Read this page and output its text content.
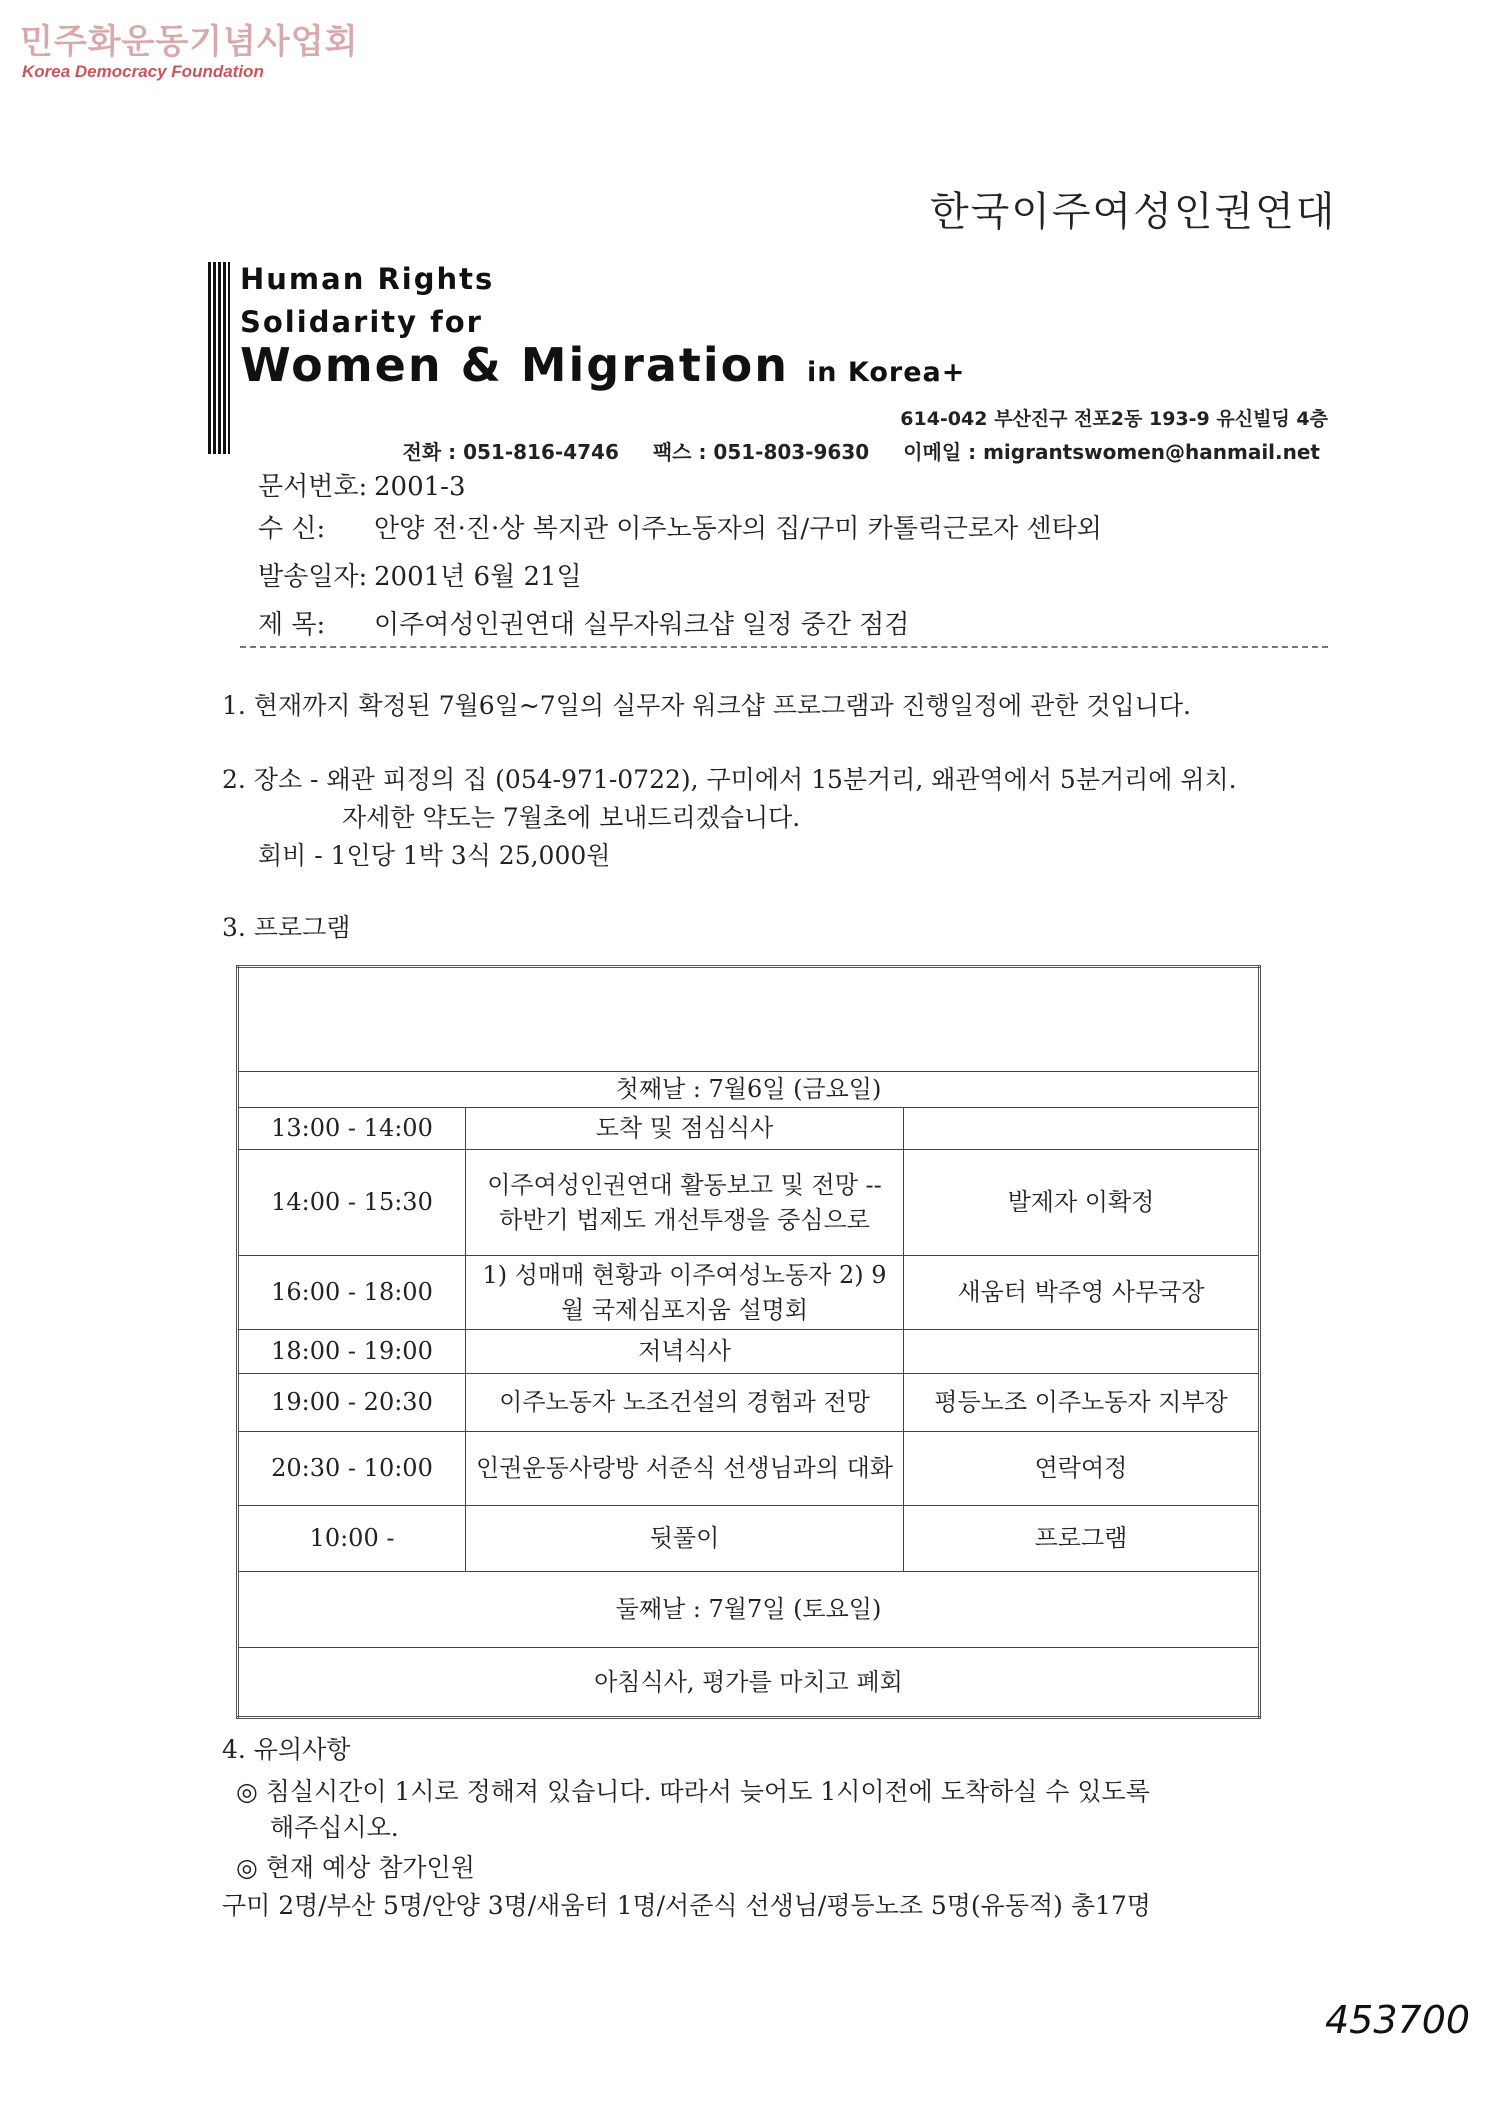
민주화운동기념사업회
Korea Democracy Foundation
한국이주여성인권연대
Human Rights
Solidarity for
Women & Migration in Korea+
614-042 부산진구 전포2동 193-9 유신빌딩 4층
전화 : 051-816-4746 팩스 : 051-803-9630 이메일 : migrantswomen@hanmail.net
문서번호: 2001-3
수 신: 안양 전·진·상 복지관 이주노동자의 집/구미 카톨릭근로자 센타외
발송일자: 2001년 6월 21일
제 목: 이주여성인권연대 실무자워크샵 일정 중간 점검
1. 현재까지 확정된 7월6일~7일의 실무자 워크샵 프로그램과 진행일정에 관한 것입니다.
2. 장소 - 왜관 피정의 집 (054-971-0722), 구미에서 15분거리, 왜관역에서 5분거리에 위치.
자세한 약도는 7월초에 보내드리겠습니다.
회비 - 1인당 1박 3식 25,000원
3. 프로그램

첫째날 : 7월6일 (금요일)		
13:00 - 14:00	도착 및 점심식사	
14:00 - 15:30	이주여성인권연대 활동보고 및 전망 -- 하반기 법제도 개선투쟁을 중심으로	발제자 이확정
16:00 - 18:00	1) 성매매 현황과 이주여성노동자 2) 9월 국제심포지움 설명회	새움터 박주영 사무국장
18:00 - 19:00	저녁식사	
19:00 - 20:30	이주노동자 노조건설의 경험과 전망	평등노조 이주노동자 지부장
20:30 - 10:00	인권운동사랑방 서준식 선생님과의 대화	연락여정
10:00 -	뒷풀이	프로그램
둘째날 : 7월7일 (토요일)		
아침식사, 평가를 마치고 폐회		
4. 유의사항
◎ 침실시간이 1시로 정해져 있습니다. 따라서 늦어도 1시이전에 도착하실 수 있도록
해주십시오.
◎ 현재 예상 참가인원
구미 2명/부산 5명/안양 3명/새움터 1명/서준식 선생님/평등노조 5명(유동적) 총17명
453700
